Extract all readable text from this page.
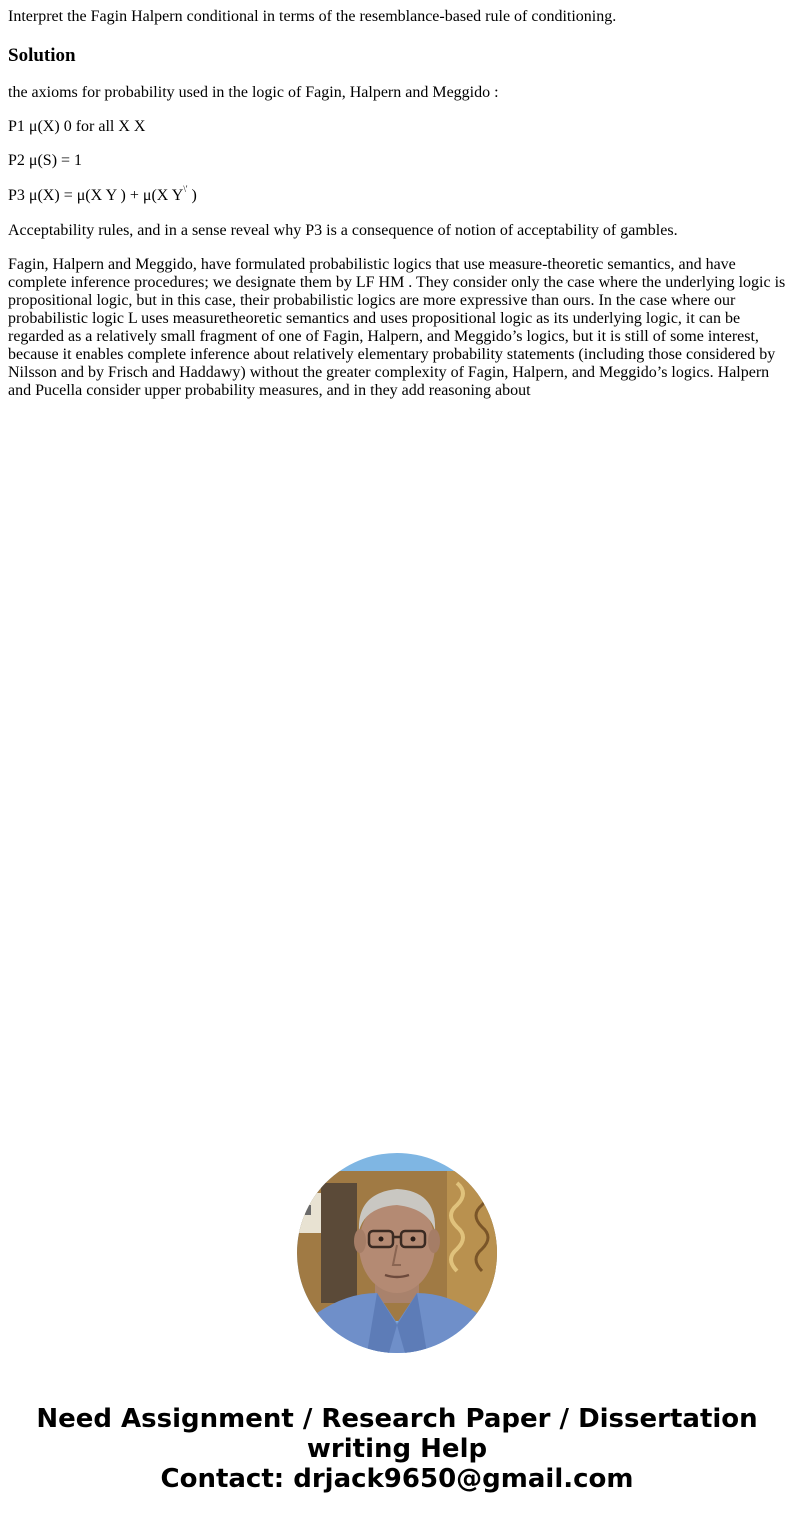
Interpret the Fagin Halpern conditional in terms of the resemblance-based rule of conditioning.

Solution

the axioms for probability used in the logic of Fagin, Halpern and Meggido :

P1 μ(X) 0 for all X X

P2 μ(S) = 1

P3 μ(X) = μ(X Y ) + μ(X Y\' )

Acceptability rules, and in a sense reveal why P3 is a consequence of notion of acceptability of gambles.

Fagin, Halpern and Meggido, have formulated probabilistic logics that use measure-theoretic semantics, and have complete inference procedures; we designate them by LF HM . They consider only the case where the underlying logic is propositional logic, but in this case, their probabilistic logics are more expressive than ours. In the case where our probabilistic logic L uses measuretheoretic semantics and uses propositional logic as its underlying logic, it can be regarded as a relatively small fragment of one of Fagin, Halpern, and Meggido’s logics, but it is still of some interest, because it enables complete inference about relatively elementary probability statements (including those considered by Nilsson and by Frisch and Haddawy) without the greater complexity of Fagin, Halpern, and Meggido’s logics. Halpern and Pucella consider upper probability measures, and in they add reasoning about

Need Assignment / Research Paper / Dissertation
writing Help
Contact: drjack9650@gmail.com
